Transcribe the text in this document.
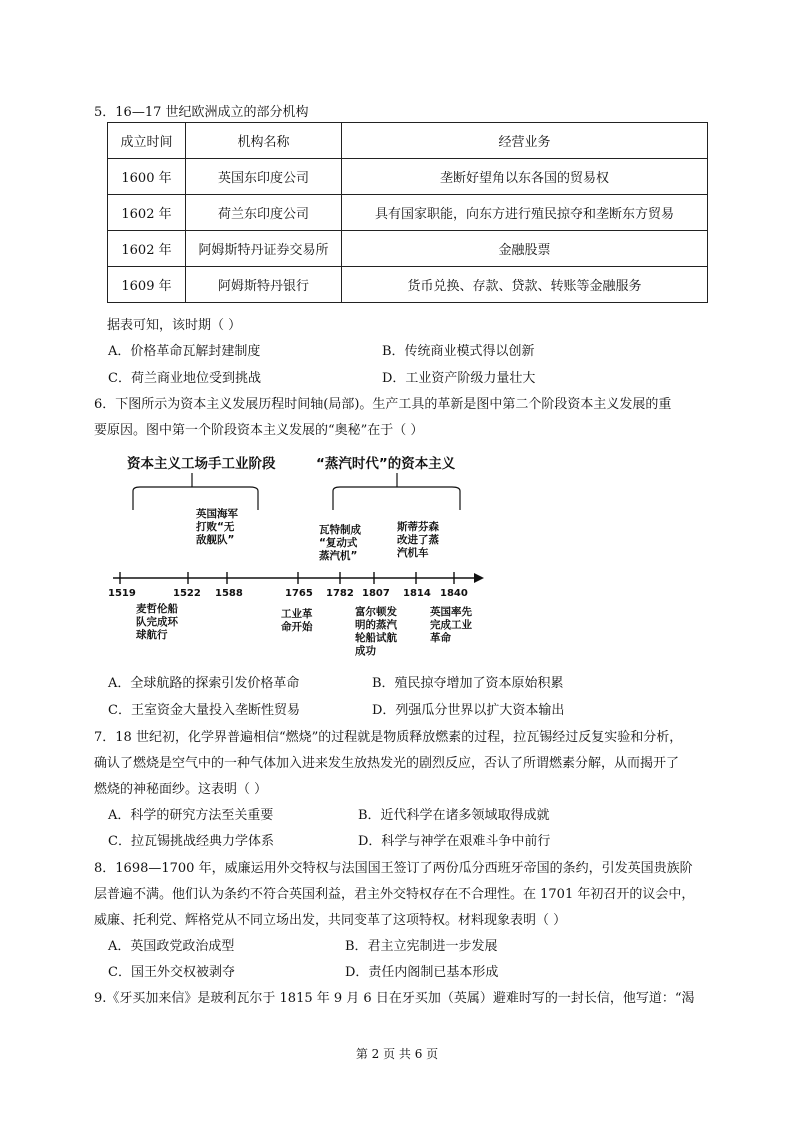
5．16—17 世纪欧洲成立的部分机构
成立时间	机构名称	经营业务
1600 年	英国东印度公司	垄断好望角以东各国的贸易权
1602 年	荷兰东印度公司	具有国家职能，向东方进行殖民掠夺和垄断东方贸易
1602 年	阿姆斯特丹证券交易所	金融股票
1609 年	阿姆斯特丹银行	货币兑换、存款、贷款、转账等金融服务
据表可知，该时期（ ）
A．价格革命瓦解封建制度	B．传统商业模式得以创新
C．荷兰商业地位受到挑战	D．工业资产阶级力量壮大
6．下图所示为资本主义发展历程时间轴(局部)。生产工具的革新是图中第二个阶段资本主义发展的重
要原因。图中第一个阶段资本主义发展的“奥秘”在于（ ）
资本主义工场手工业阶段	“蒸汽时代”的资本主义
1519	1522 1588	1765 1782 1807 1814 1840
英国海军
打败“无
敌舰队”
瓦特制成
“复动式
蒸汽机”
斯蒂芬森
改进了蒸
汽机车
麦哲伦船
队完成环
球航行
工业革
命开始
富尔顿发
明的蒸汽
轮船试航
成功
英国率先
完成工业
革命
A．全球航路的探索引发价格革命	B．殖民掠夺增加了资本原始积累
C．王室资金大量投入垄断性贸易	D．列强瓜分世界以扩大资本输出
7．18 世纪初，化学界普遍相信“燃烧”的过程就是物质释放燃素的过程，拉瓦锡经过反复实验和分析，
确认了燃烧是空气中的一种气体加入进来发生放热发光的剧烈反应，否认了所谓燃素分解，从而揭开了
燃烧的神秘面纱。这表明（ ）
A．科学的研究方法至关重要	B．近代科学在诸多领域取得成就
C．拉瓦锡挑战经典力学体系	D．科学与神学在艰难斗争中前行
8．1698—1700 年，威廉运用外交特权与法国国王签订了两份瓜分西班牙帝国的条约，引发英国贵族阶
层普遍不满。他们认为条约不符合英国利益，君主外交特权存在不合理性。在 1701 年初召开的议会中，
威廉、托利党、辉格党从不同立场出发，共同变革了这项特权。材料现象表明（ ）
A．英国政党政治成型	B．君主立宪制进一步发展
C．国王外交权被剥夺	D．责任内阁制已基本形成
9.《牙买加来信》是玻利瓦尔于 1815 年 9 月 6 日在牙买加（英属）避难时写的一封长信，他写道：“渴
第 2 页 共 6 页
